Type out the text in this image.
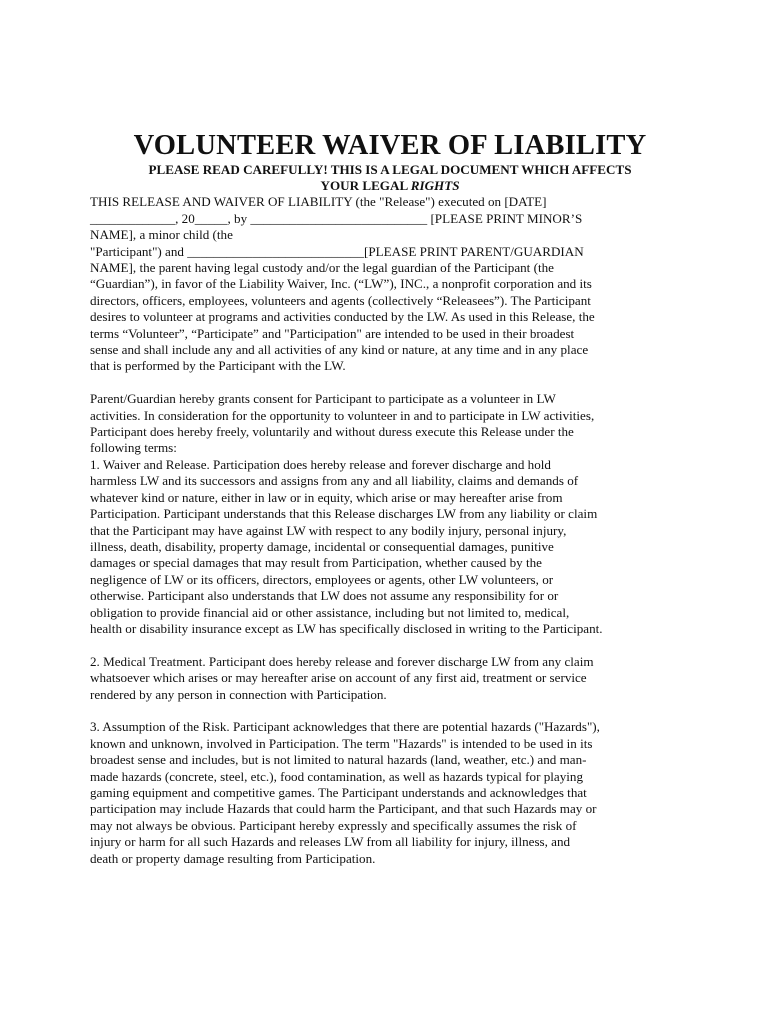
VOLUNTEER WAIVER OF LIABILITY
PLEASE READ CAREFULLY! THIS IS A LEGAL DOCUMENT WHICH AFFECTS
YOUR LEGAL RIGHTS

THIS RELEASE AND WAIVER OF LIABILITY (the "Release") executed on [DATE]
_____________, 20_____, by ___________________________ [PLEASE PRINT MINOR’S
NAME], a minor child (the
"Participant") and ___________________________[PLEASE PRINT PARENT/GUARDIAN
NAME], the parent having legal custody and/or the legal guardian of the Participant (the
“Guardian”), in favor of the Liability Waiver, Inc. (“LW”), INC., a nonprofit corporation and its
directors, officers, employees, volunteers and agents (collectively “Releasees”). The Participant
desires to volunteer at programs and activities conducted by the LW. As used in this Release, the
terms “Volunteer”, “Participate” and "Participation" are intended to be used in their broadest
sense and shall include any and all activities of any kind or nature, at any time and in any place
that is performed by the Participant with the LW.

Parent/Guardian hereby grants consent for Participant to participate as a volunteer in LW
activities. In consideration for the opportunity to volunteer in and to participate in LW activities,
Participant does hereby freely, voluntarily and without duress execute this Release under the
following terms:
1. Waiver and Release. Participation does hereby release and forever discharge and hold
harmless LW and its successors and assigns from any and all liability, claims and demands of
whatever kind or nature, either in law or in equity, which arise or may hereafter arise from
Participation. Participant understands that this Release discharges LW from any liability or claim
that the Participant may have against LW with respect to any bodily injury, personal injury,
illness, death, disability, property damage, incidental or consequential damages, punitive
damages or special damages that may result from Participation, whether caused by the
negligence of LW or its officers, directors, employees or agents, other LW volunteers, or
otherwise. Participant also understands that LW does not assume any responsibility for or
obligation to provide financial aid or other assistance, including but not limited to, medical,
health or disability insurance except as LW has specifically disclosed in writing to the Participant.

2. Medical Treatment. Participant does hereby release and forever discharge LW from any claim
whatsoever which arises or may hereafter arise on account of any first aid, treatment or service
rendered by any person in connection with Participation.

3. Assumption of the Risk. Participant acknowledges that there are potential hazards ("Hazards"),
known and unknown, involved in Participation. The term "Hazards" is intended to be used in its
broadest sense and includes, but is not limited to natural hazards (land, weather, etc.) and man-
made hazards (concrete, steel, etc.), food contamination, as well as hazards typical for playing
gaming equipment and competitive games. The Participant understands and acknowledges that
participation may include Hazards that could harm the Participant, and that such Hazards may or
may not always be obvious. Participant hereby expressly and specifically assumes the risk of
injury or harm for all such Hazards and releases LW from all liability for injury, illness, and
death or property damage resulting from Participation.
